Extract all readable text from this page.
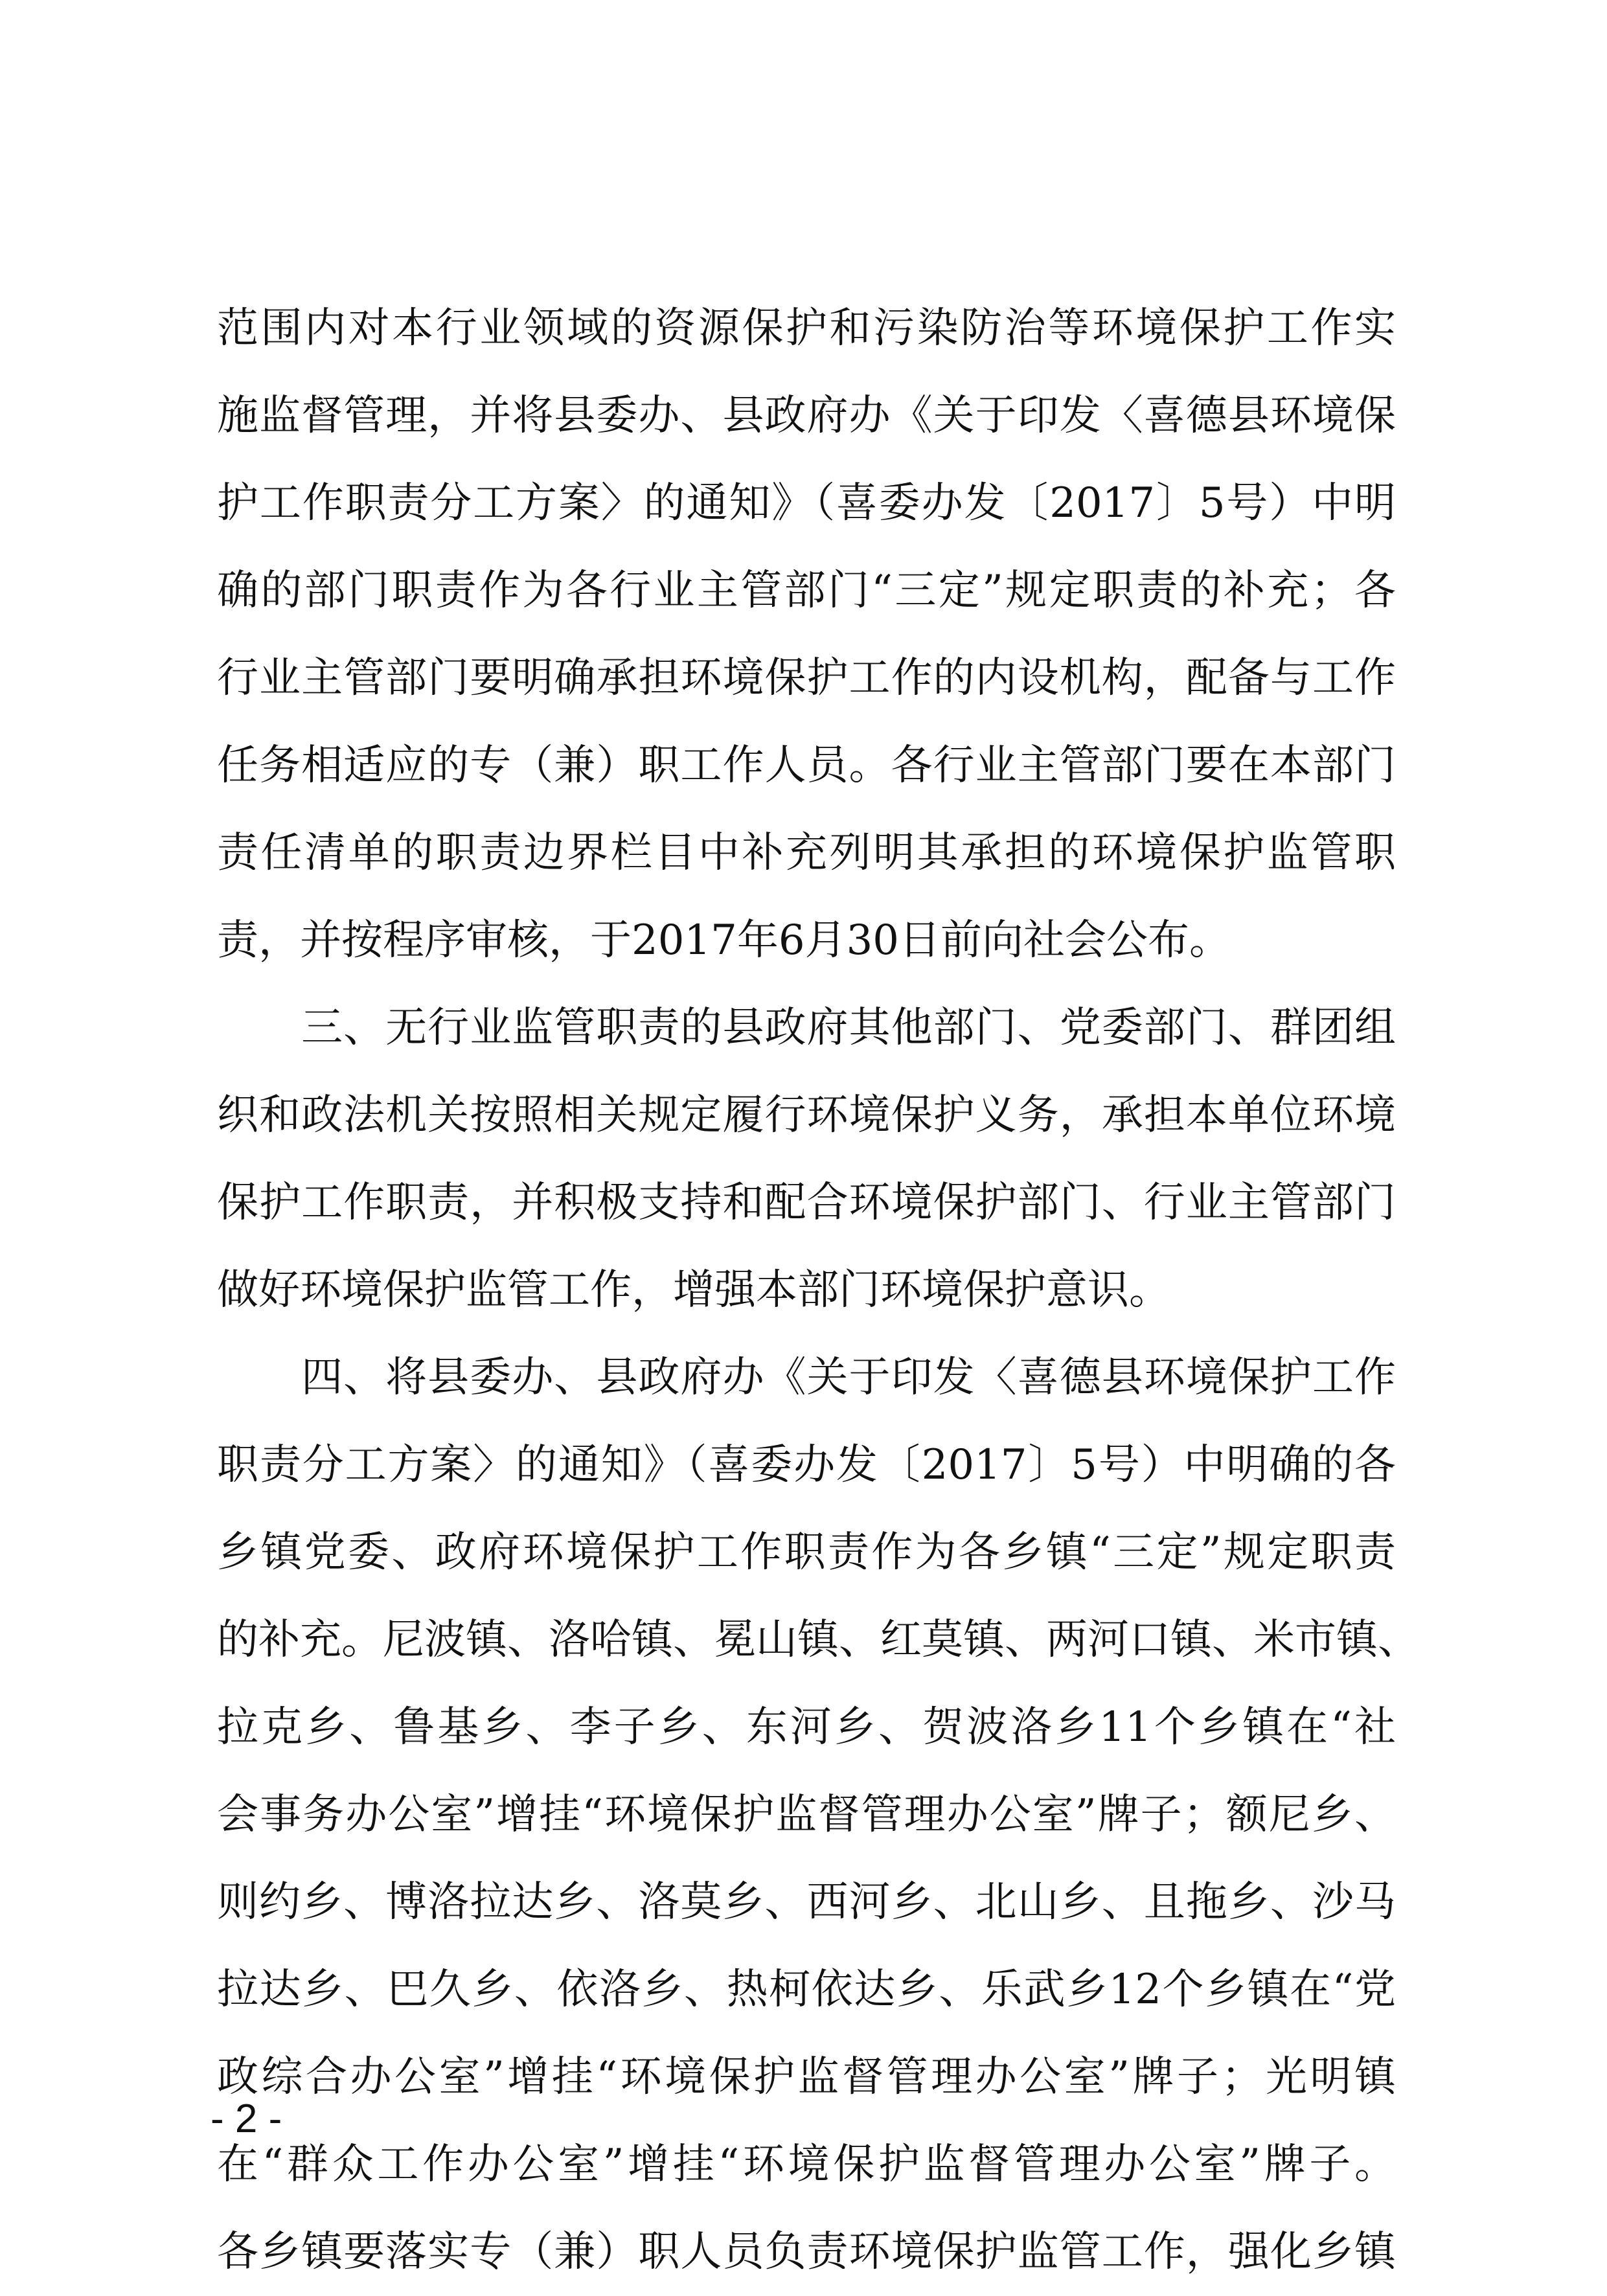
范围内对本行业领域的资源保护和污染防治等环境保护工作实
施监督管理，并将县委办、县政府办《关于印发〈喜德县环境保
护工作职责分工方案〉的通知》（喜委办发〔2017〕5号）中明
确的部门职责作为各行业主管部门“三定”规定职责的补充；各
行业主管部门要明确承担环境保护工作的内设机构，配备与工作
任务相适应的专（兼）职工作人员。各行业主管部门要在本部门
责任清单的职责边界栏目中补充列明其承担的环境保护监管职
责，并按程序审核，于2017年6月30日前向社会公布。
　　三、无行业监管职责的县政府其他部门、党委部门、群团组
织和政法机关按照相关规定履行环境保护义务，承担本单位环境
保护工作职责，并积极支持和配合环境保护部门、行业主管部门
做好环境保护监管工作，增强本部门环境保护意识。
　　四、将县委办、县政府办《关于印发〈喜德县环境保护工作
职责分工方案〉的通知》（喜委办发〔2017〕5号）中明确的各
乡镇党委、政府环境保护工作职责作为各乡镇“三定”规定职责
的补充。尼波镇、洛哈镇、冕山镇、红莫镇、两河口镇、米市镇、
拉克乡、鲁基乡、李子乡、东河乡、贺波洛乡11个乡镇在“社
会事务办公室”增挂“环境保护监督管理办公室”牌子；额尼乡、
则约乡、博洛拉达乡、洛莫乡、西河乡、北山乡、且拖乡、沙马
拉达乡、巴久乡、依洛乡、热柯依达乡、乐武乡12个乡镇在“党
政综合办公室”增挂“环境保护监督管理办公室”牌子；光明镇
在“群众工作办公室”增挂“环境保护监督管理办公室”牌子。
各乡镇要落实专（兼）职人员负责环境保护监管工作，强化乡镇
- 2 -
